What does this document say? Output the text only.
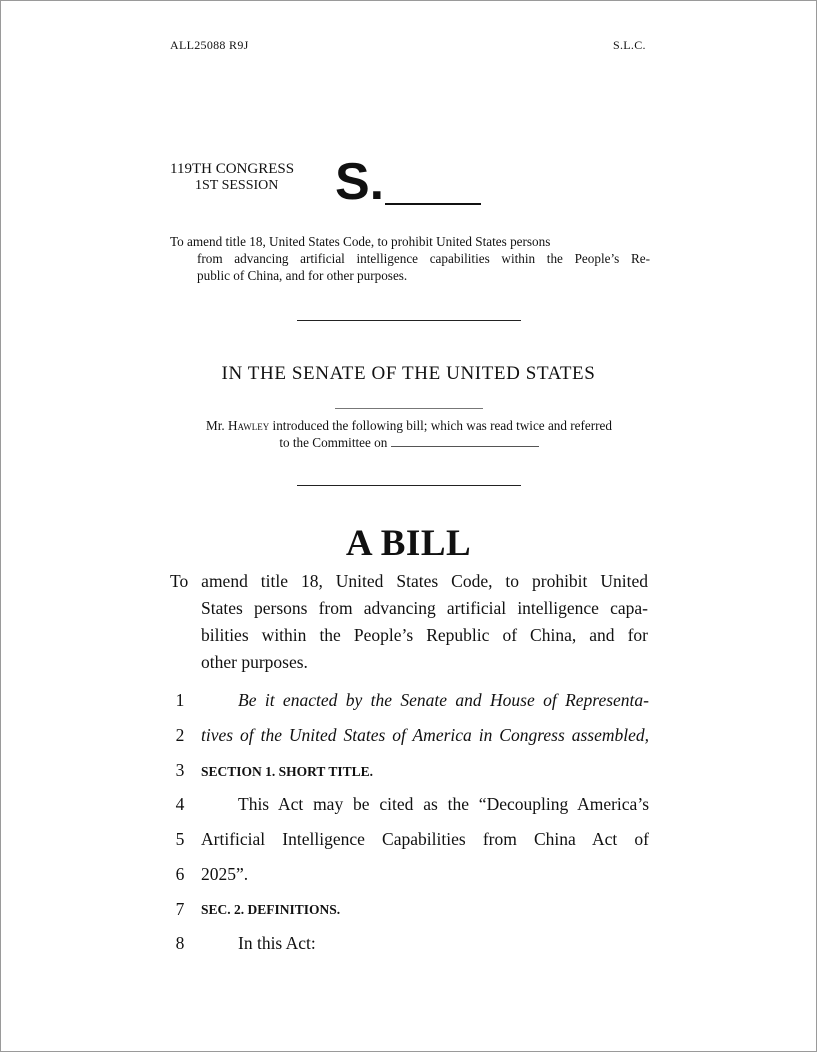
ALL25088 R9J	S.L.C.
119TH CONGRESS
1ST SESSION S.
To amend title 18, United States Code, to prohibit United States persons
from advancing artificial intelligence capabilities within the People’s Re-
public of China, and for other purposes.
IN THE SENATE OF THE UNITED STATES
Mr. Hawley introduced the following bill; which was read twice and referred
to the Committee on
A BILL
To amend title 18, United States Code, to prohibit United
States persons from advancing artificial intelligence capa-
bilities within the People’s Republic of China, and for
other purposes.
1	Be it enacted by the Senate and House of Representa-
2 tives of the United States of America in Congress assembled,
3	SECTION 1. SHORT TITLE.
4	This Act may be cited as the “Decoupling America’s
5 Artificial Intelligence Capabilities from China Act of
6 2025”.
7	SEC. 2. DEFINITIONS.
8	In this Act:
